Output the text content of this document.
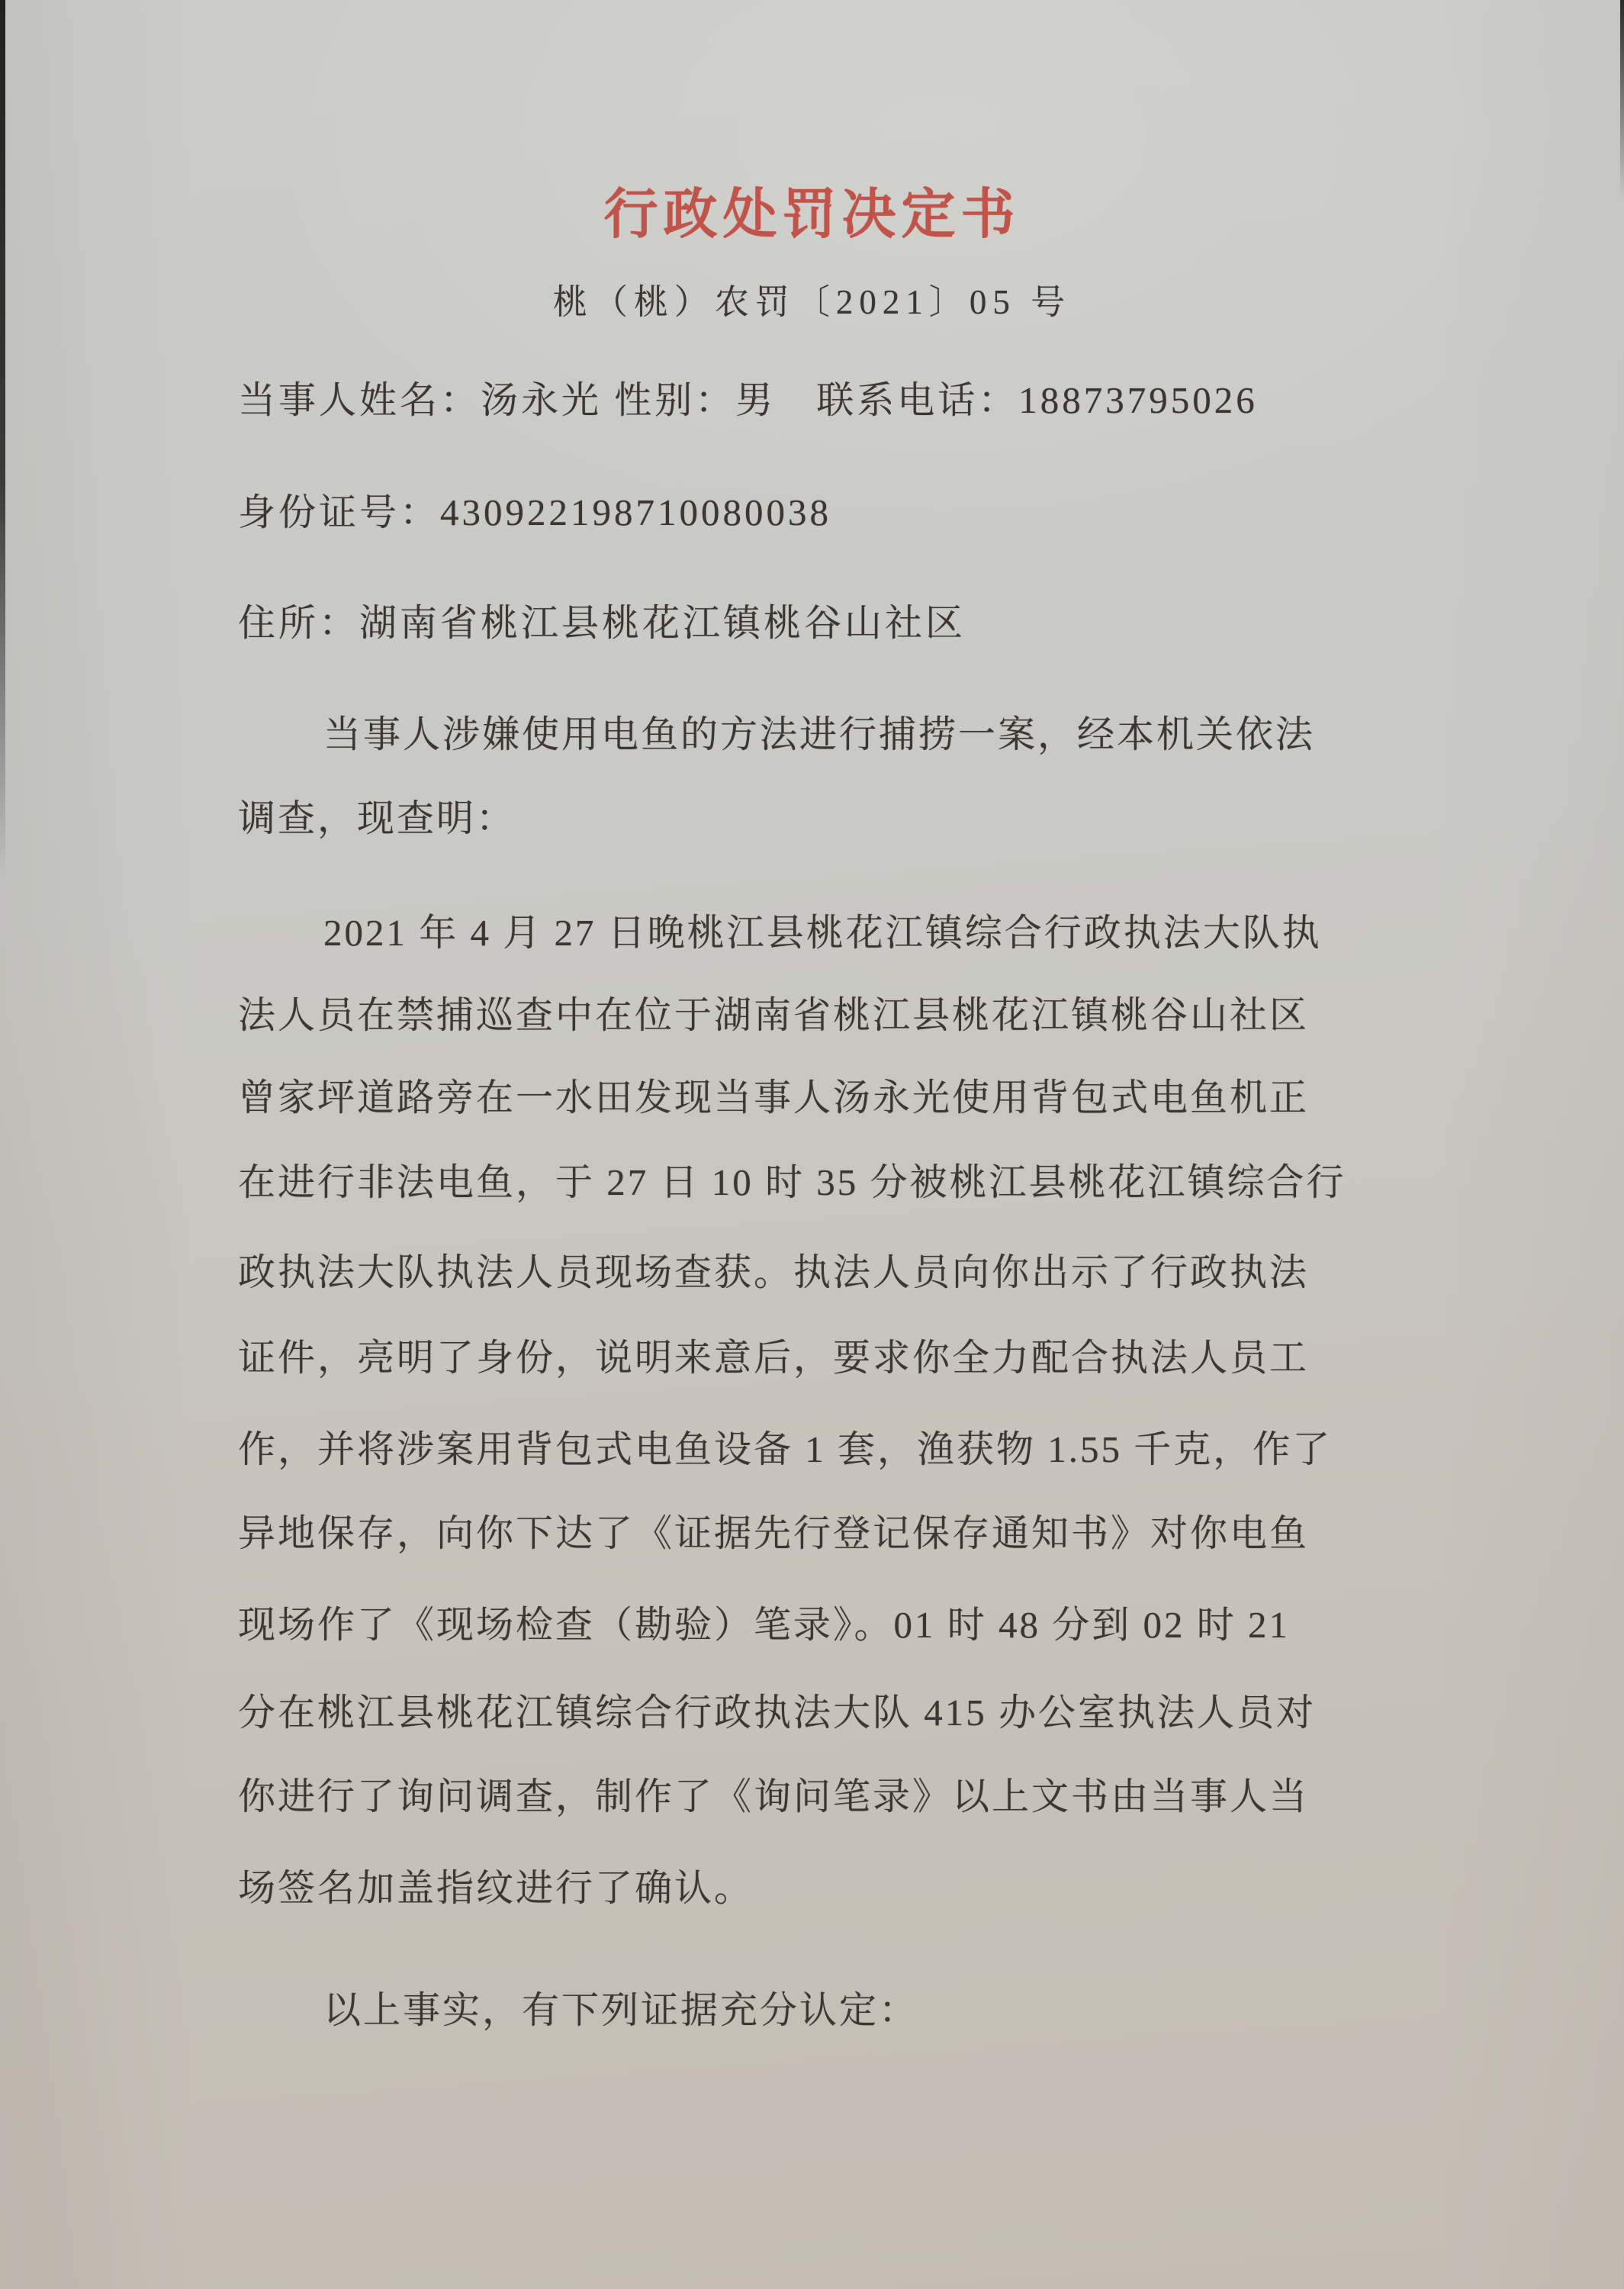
行政处罚决定书
桃（桃）农罚〔2021〕05 号
当事人姓名：汤永光 性别：男　联系电话：18873795026
身份证号：430922198710080038
住所：湖南省桃江县桃花江镇桃谷山社区
当事人涉嫌使用电鱼的方法进行捕捞一案，经本机关依法
调查，现查明：
2021 年 4 月 27 日晚桃江县桃花江镇综合行政执法大队执
法人员在禁捕巡查中在位于湖南省桃江县桃花江镇桃谷山社区
曾家坪道路旁在一水田发现当事人汤永光使用背包式电鱼机正
在进行非法电鱼，于 27 日 10 时 35 分被桃江县桃花江镇综合行
政执法大队执法人员现场查获。执法人员向你出示了行政执法
证件，亮明了身份，说明来意后，要求你全力配合执法人员工
作，并将涉案用背包式电鱼设备 1 套，渔获物 1.55 千克，作了
异地保存，向你下达了《证据先行登记保存通知书》对你电鱼
现场作了《现场检查（勘验）笔录》。01 时 48 分到 02 时 21
分在桃江县桃花江镇综合行政执法大队 415 办公室执法人员对
你进行了询问调查，制作了《询问笔录》以上文书由当事人当
场签名加盖指纹进行了确认。
以上事实，有下列证据充分认定：
